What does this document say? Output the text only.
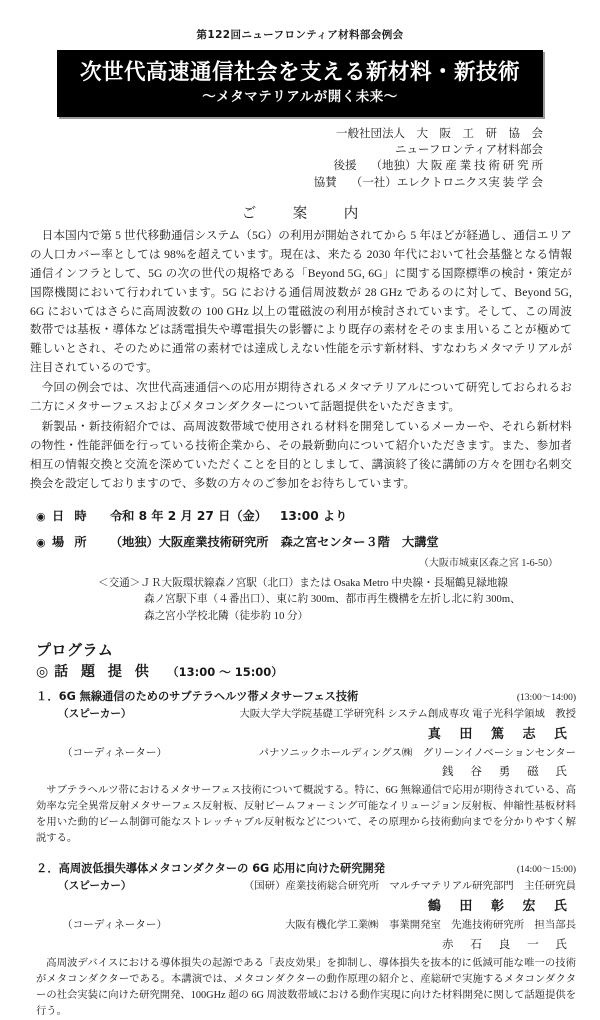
第122回ニューフロンティア材料部会例会
次世代高速通信社会を支える新材料・新技術
〜メタマテリアルが開く未来〜
一般社団法人　大　阪　工　研　協　会
ニューフロンティア材料部会
後援 （地独）大 阪 産 業 技 術 研 究 所
協賛 （一社）エレクトロニクス実 装 学 会
ご　案　内

日本国内で第 5 世代移動通信システム（5G）の利用が開始されてから 5 年ほどが経過し、通信エリアの人口カバー率としては 98%を超えています。現在は、来たる 2030 年代において社会基盤となる情報通信インフラとして、5G の次の世代の規格である「Beyond 5G, 6G」に関する国際標準の検討・策定が国際機関において行われています。5G における通信周波数が 28 GHz であるのに対して、Beyond 5G, 6G においてはさらに高周波数の 100 GHz 以上の電磁波の利用が検討されています。そして、この周波数帯では基板・導体などは誘電損失や導電損失の影響により既存の素材をそのまま用いることが極めて難しいとされ、そのために通常の素材では達成しえない性能を示す新材料、すなわちメタマテリアルが注目されているのです。

今回の例会では、次世代高速通信への応用が期待されるメタマテリアルについて研究しておられるお二方にメタサーフェスおよびメタコンダクターについて話題提供をいただきます。

新製品・新技術紹介では、高周波数帯域で使用される材料を開発しているメーカーや、それら新材料の物性・性能評価を行っている技術企業から、その最新動向について紹介いただきます。また、参加者相互の情報交換と交流を深めていただくことを目的としまして、講演終了後に講師の方々を囲む名刺交換会を設定しておりますので、多数の方々のご参加をお待ちしています。

◉ 日 時	令和 8 年 2 月 27 日（金） 13:00 より
◉ 場 所	（地独）大阪産業技術研究所　森之宮センター３階　大講堂
（大阪市城東区森之宮 1-6-50）
＜交通＞ＪＲ大阪環状線森ノ宮駅（北口）または Osaka Metro 中央線・長堀鶴見緑地線
森ノ宮駅下車（４番出口）、東に約 300m、都市再生機構を左折し北に約 300m、
森之宮小学校北隣（徒歩約 10 分）
プログラム
◎ 話 題 提 供 （13:00 〜 15:00）
１．6G 無線通信のためのサブテラヘルツ帯メタサーフェス技術	(13:00〜14:00)
（スピーカー）	大阪大学大学院基礎工学研究科 システム創成専攻 電子光科学領域　教授
真 田 篤 志 氏
（コーディネーター）	パナソニックホールディングス㈱　グリーンイノベーションセンター
銭 谷 勇 磁 氏

サブテラヘルツ帯におけるメタサーフェス技術について概説する。特に、6G 無線通信で応用が期待されている、高効率な完全異常反射メタサーフェス反射板、反射ビームフォーミング可能なイリュージョン反射板、伸縮性基板材料を用いた動的ビーム制御可能なストレッチャブル反射板などについて、その原理から技術動向までを分かりやすく解説する。

２．高周波低損失導体メタコンダクターの 6G 応用に向けた研究開発	(14:00〜15:00)
（スピーカー）	（国研）産業技術総合研究所　マルチマテリアル研究部門　主任研究員
鶴 田 彰 宏 氏
（コーディネーター）	大阪有機化学工業㈱　事業開発室　先進技術研究所　担当部長
赤 石 良 一 氏

高周波デバイスにおける導体損失の起源である「表皮効果」を抑制し、導体損失を抜本的に低減可能な唯一の技術がメタコンダクターである。本講演では、メタコンダクターの動作原理の紹介と、産総研で実施するメタコンダクターの社会実装に向けた研究開発、100GHz 超の 6G 周波数帯域における動作実現に向けた材料開発に関して話題提供を行う。
